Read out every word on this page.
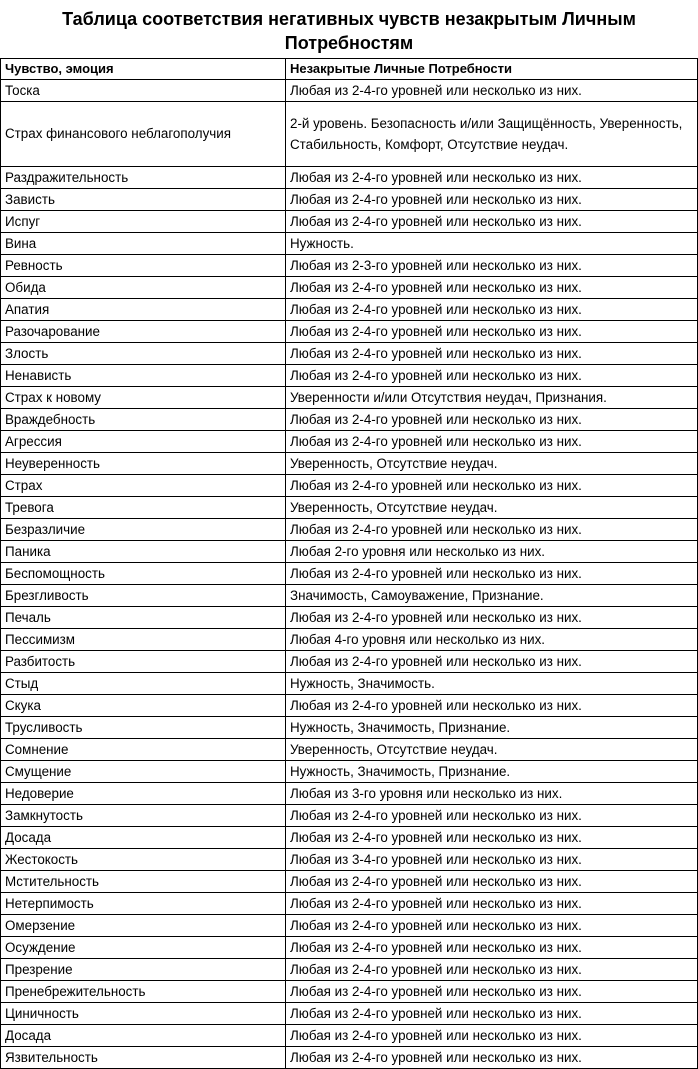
Таблица соответствия негативных чувств незакрытым Личным
Потребностям
Чувство, эмоция	Незакрытые Личные Потребности
Тоска	Любая из 2-4-го уровней или несколько из них.
Страх финансового неблагополучия	2-й уровень. Безопасность и/или Защищённость, Уверенность, Стабильность, Комфорт, Отсутствие неудач.
Раздражительность	Любая из 2-4-го уровней или несколько из них.
Зависть	Любая из 2-4-го уровней или несколько из них.
Испуг	Любая из 2-4-го уровней или несколько из них.
Вина	Нужность.
Ревность	Любая из 2-3-го уровней или несколько из них.
Обида	Любая из 2-4-го уровней или несколько из них.
Апатия	Любая из 2-4-го уровней или несколько из них.
Разочарование	Любая из 2-4-го уровней или несколько из них.
Злость	Любая из 2-4-го уровней или несколько из них.
Ненависть	Любая из 2-4-го уровней или несколько из них.
Страх к новому	Уверенности и/или Отсутствия неудач, Признания.
Враждебность	Любая из 2-4-го уровней или несколько из них.
Агрессия	Любая из 2-4-го уровней или несколько из них.
Неуверенность	Уверенность, Отсутствие неудач.
Страх	Любая из 2-4-го уровней или несколько из них.
Тревога	Уверенность, Отсутствие неудач.
Безразличие	Любая из 2-4-го уровней или несколько из них.
Паника	Любая 2-го уровня или несколько из них.
Беспомощность	Любая из 2-4-го уровней или несколько из них.
Брезгливость	Значимость, Самоуважение, Признание.
Печаль	Любая из 2-4-го уровней или несколько из них.
Пессимизм	Любая 4-го уровня или несколько из них.
Разбитость	Любая из 2-4-го уровней или несколько из них.
Стыд	Нужность, Значимость.
Скука	Любая из 2-4-го уровней или несколько из них.
Трусливость	Нужность, Значимость, Признание.
Сомнение	Уверенность, Отсутствие неудач.
Смущение	Нужность, Значимость, Признание.
Недоверие	Любая из 3-го уровня или несколько из них.
Замкнутость	Любая из 2-4-го уровней или несколько из них.
Досада	Любая из 2-4-го уровней или несколько из них.
Жестокость	Любая из 3-4-го уровней или несколько из них.
Мстительность	Любая из 2-4-го уровней или несколько из них.
Нетерпимость	Любая из 2-4-го уровней или несколько из них.
Омерзение	Любая из 2-4-го уровней или несколько из них.
Осуждение	Любая из 2-4-го уровней или несколько из них.
Презрение	Любая из 2-4-го уровней или несколько из них.
Пренебрежительность	Любая из 2-4-го уровней или несколько из них.
Циничность	Любая из 2-4-го уровней или несколько из них.
Досада	Любая из 2-4-го уровней или несколько из них.
Язвительность	Любая из 2-4-го уровней или несколько из них.
